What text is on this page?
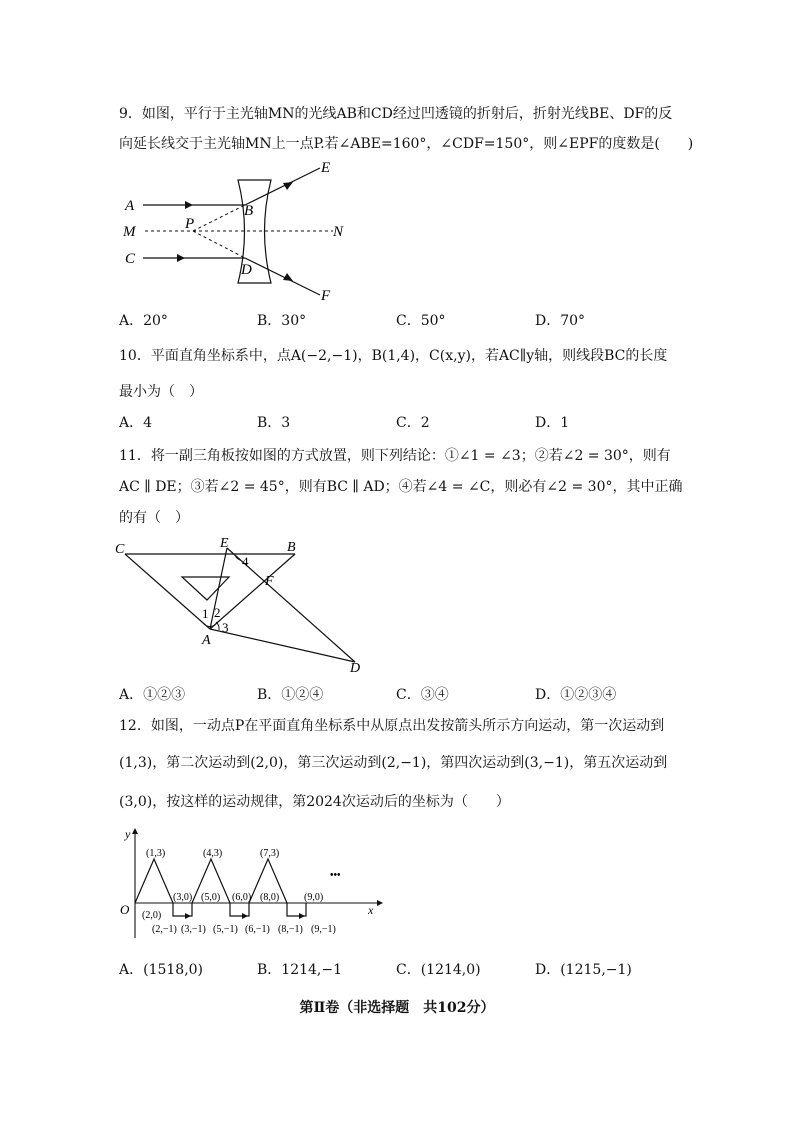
9．如图，平行于主光轴MN的光线AB和CD经过凹透镜的折射后，折射光线BE、DF的反
向延长线交于主光轴MN上一点P.若∠ABE=160°，∠CDF=150°，则∠EPF的度数是(　　)
A
M
C
P
B
D
N
E
F
A．20°	B．30°	C．50°	D．70°
10．平面直角坐标系中，点A(−2,−1)，B(1,4)，C(x,y)，若AC∥y轴，则线段BC的长度
最小为（　）
A．4	B．3	C．2	D．1
11．将一副三角板按如图的方式放置，则下列结论：①∠1 = ∠3；②若∠2 = 30°，则有
AC ∥ DE；③若∠2 = 45°，则有BC ∥ AD；④若∠4 = ∠C，则必有∠2 = 30°，其中正确
的有（　）
C	E	B
F
A
D
1 2
3
4
A．①②③	B．①②④	C．③④	D．①②③④
12．如图，一动点P在平面直角坐标系中从原点出发按箭头所示方向运动，第一次运动到
(1,3)，第二次运动到(2,0)，第三次运动到(2,−1)，第四次运动到(3,−1)，第五次运动到
(3,0)，按这样的运动规律，第2024次运动后的坐标为（　　）
y
x
O
(1,3)	(4,3)	(7,3)
•••
(2,0)
(3,0) (5,0) (6,0) (8,0) (9,0)
(2,−1) (3,−1) (5,−1) (6,−1) (8,−1) (9,−1)
A．(1518,0)	B．1214,−1	C．(1214,0)	D．(1215,−1)
第Ⅱ卷（非选择题　共102分）
